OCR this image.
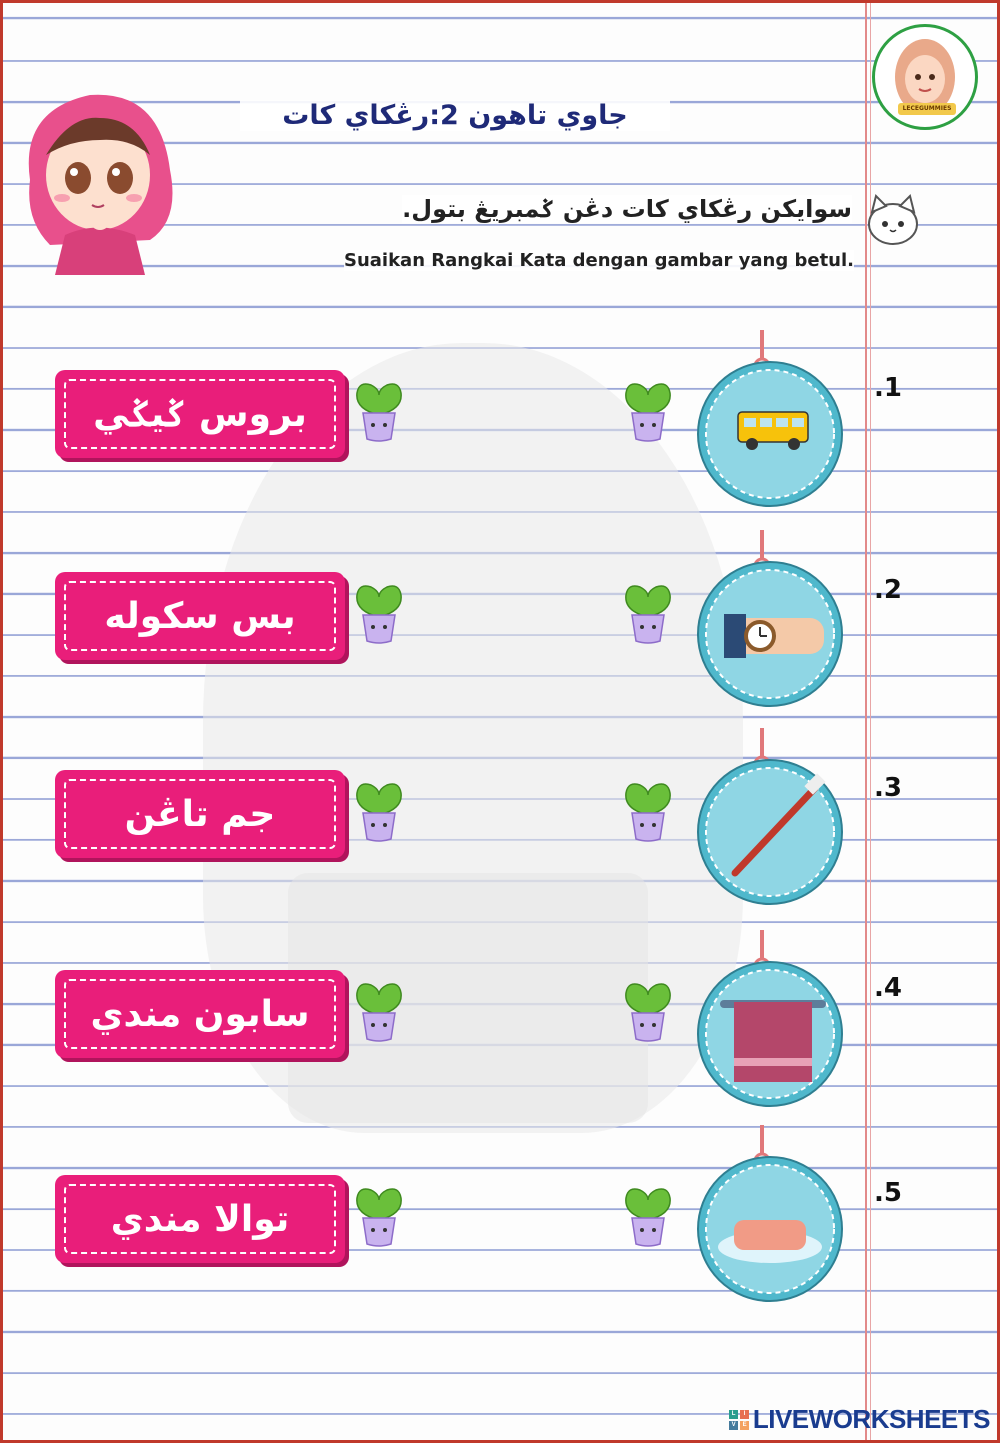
LECEGUMMIES
جاوي تاهون 2:رڠکاي کات
سوايکن رڠکاي کات دڠن ݢمبريڠ بتول.
Suaikan Rangkai Kata dengan gambar yang betul.
بروس ݢيݢي
.1
بس سکوله
.2
جم تاڠن
.3
سابون مندي
.4
توالا مندي
.5
L	I
V	E LIVEWORKSHEETS
